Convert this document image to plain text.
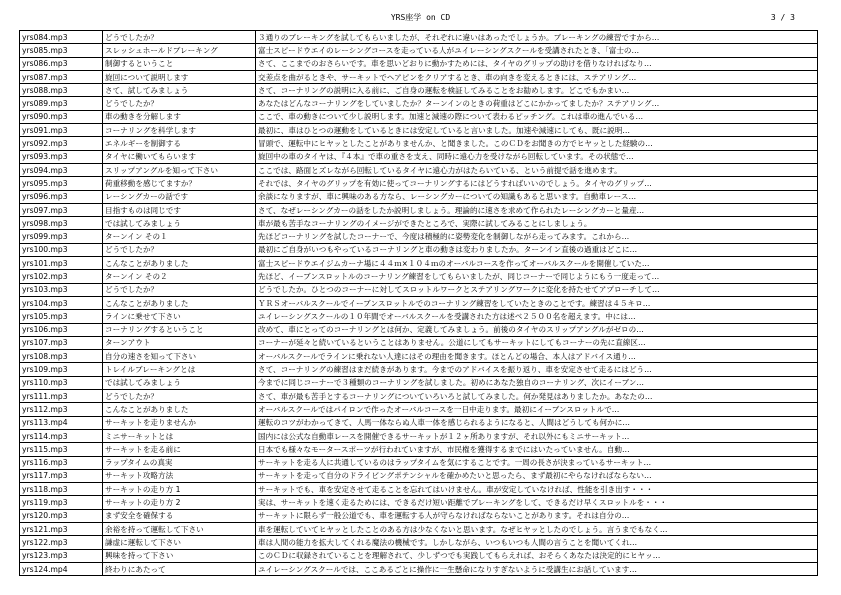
YRS座学 on CD	3 / 3
yrs084.mp3	どうでしたか？	３通りのブレーキングを試してもらいましたが、それぞれに違いはあったでしょうか。ブレーキングの練習ですから…
yrs085.mp3	スレッシュホールドブレーキング	富士スピードウエイのレーシングコースを走っている人がユイレーシングスクールを受講されたとき、「富士の…
yrs086.mp3	制御するということ	さて、ここまでのおさらいです。車を思いどおりに動かすためには、タイヤのグリップの助けを借りなければなり…
yrs087.mp3	旋回について説明します	交差点を曲がるときや、サーキットでヘアピンをクリアするとき、車の向きを変えるときには、ステアリング…
yrs088.mp3	さて、試してみましょう	さて、コーナリングの説明に入る前に、ご自身の運転を検証してみることをお勧めします。どこでもかまい…
yrs089.mp3	どうでしたか？	あなたはどんなコーナリングをしていましたか？ターンインのときの荷重はどこにかかってましたか？ステアリング…
yrs090.mp3	車の動きを分解します	ここで、車の動きについて少し説明します。加速と減速の際について表わるピッチング。これは車の進んでいる…
yrs091.mp3	コーナリングを科学します	最初に、車はひとつの運動をしているときには安定していると言いました。加速や減速にしても、既に説明…
yrs092.mp3	エネルギーを制御する	冒頭で、運転中にヒヤッとしたことがありませんか、と聞きました。このＣＤをお聞きの方でヒヤッとした経験の…
yrs093.mp3	タイヤに働いてもらいます	旋回中の車のタイヤは、『４本』で車の重さを支え、同時に遠心力を受けながら回転しています。その状態で…
yrs094.mp3	スリップアングルを知って下さい	ここでは、路面とズレながら回転しているタイヤに遠心力がはたらいている、という前提で話を進めます。
yrs095.mp3	荷重移動を感じてますか？	それでは、タイヤのグリップを有効に使ってコーナリングするにはどうすればいいのでしょう。タイヤのグリップ…
yrs096.mp3	レーシングカーの話です	余談になりますが、車に興味のある方なら、レーシングカーについての知識もあると思います。自動車レース…
yrs097.mp3	目指すものは同じです	さて、なぜレーシングカーの話をしたか説明しましょう。理論的に速さを求めて作られたレーシングカーと量産…
yrs098.mp3	では試してみましょう	車が最も苦手なコーナリングのイメージができたところで、実際に試してみることにしましょう。
yrs099.mp3	ターンイン その１	先ほどコーナリングを試したコーナーで、今度は積極的に姿勢変化を制御しながら走ってみます。これから…
yrs100.mp3	どうでしたか？	最初にご自身がいつもやっているコーナリングと車の動きは変わりましたか。ターンイン直後の過重はどこに…
yrs101.mp3	こんなことがありました	富士スピードウエイジムカーナ場に４４ｍ×１０４ｍのオーバルコースを作ってオーバルスクールを開催していた…
yrs102.mp3	ターンイン その２	先ほど、イーブンスロットルのコーナリング練習をしてもらいましたが、同じコーナーで同じようにもう一度走って…
yrs103.mp3	どうでしたか？	どうでしたか。ひとつのコーナーに対してスロットルワークとステアリングワークに変化を持たせてアプローチして…
yrs104.mp3	こんなことがありました	ＹＲＳオーバルスクールでイーブンスロットルでのコーナリング練習をしていたときのことです。練習は４５キロ…
yrs105.mp3	ラインに乗せて下さい	ユイレーシングスクールの１０年間でオーバルスクールを受講された方は述べ２５００名を超えます。中には…
yrs106.mp3	コーナリングするということ	改めて、車にとってのコーナリングとは何か、定義してみましょう。前後のタイヤのスリップアングルがゼロの…
yrs107.mp3	ターンアウト	コーナーが延々と続いているということはありません。公道にしてもサーキットにしてもコーナーの先に直線区…
yrs108.mp3	自分の速さを知って下さい	オーバルスクールでラインに乗れない人達にはその理由を聞きます。ほとんどの場合、本人はアドバイス通り…
yrs109.mp3	トレイルブレーキングとは	さて、コーナリングの練習はまだ続きがあります。今までのアドバイスを振り返り、車を安定させて走るにはどう…
yrs110.mp3	では試してみましょう	今までに同じコーナーで３種類のコーナリングを試しました。初めにあなた独自のコーナリング、次にイーブン…
yrs111.mp3	どうでしたか？	さて、車が最も苦手とするコーナリングについていろいろと試してみました。何か発見はありましたか。あなたの…
yrs112.mp3	こんなことがありました	オーバルスクールではパイロンで作ったオーバルコースを一日中走ります。最初にイーブンスロットルで…
yrs113.mp4	サーキットを走りませんか	運転のコツがわかってきて、人馬一体ならぬ人車一体を感じられるようになると、人間はどうしても何かに…
yrs114.mp3	ミニサーキットとは	国内には公式な自動車レースを開催できるサーキットが１２ヶ所ありますが、それ以外にもミニサーキット…
yrs115.mp3	サーキットを走る前に	日本でも様々なモータースポーツが行われていますが、市民権を獲得するまでにはいたっていません。自動…
yrs116.mp3	ラップタイムの真実	サーキットを走る人に共通しているのはラップタイムを気にすることです。一周の長さが決まっているサーキット…
yrs117.mp3	サーキット攻略方法	サーキットを走って自分のドライビングポテンシャルを確かめたいと思ったら、まず最初にやらなければならない…
yrs118.mp3	サーキットの走り方 1	サーキットでも、車を安定させて走ることを忘れてはいけません。車が安定していなければ、性能を引き出す・・・
yrs119.mp3	サーキットの走り方 2	実は、サーキットを速く走るためには、できるだけ短い距離でブレーキングをして、できるだけ早くスロットルを・・・
yrs120.mp3	まず安全を確保する	サーキットに限らず一般公道でも、車を運転する人が守らなければならないことがあります。それは自分の…
yrs121.mp3	余裕を持って運転して下さい	車を運転していてヒヤッとしたことのある方は少なくないと思います。なぜヒヤッとしたのでしょう。言うまでもなく…
yrs122.mp3	謙虚に運転して下さい	車は人間の能力を拡大してくれる魔法の機械です。しかしながら、いつもいつも人間の言うことを聞いてくれ…
yrs123.mp3	興味を持って下さい	このＣＤに収録されていることを理解されて、少しずつでも実践してもらえれば、おそらくあなたは決定的にヒヤッ…
yrs124.mp4	終わりにあたって	ユイレーシングスクールでは、ここあるごとに操作に一生懸命になりすぎないように受講生にお話しています…
